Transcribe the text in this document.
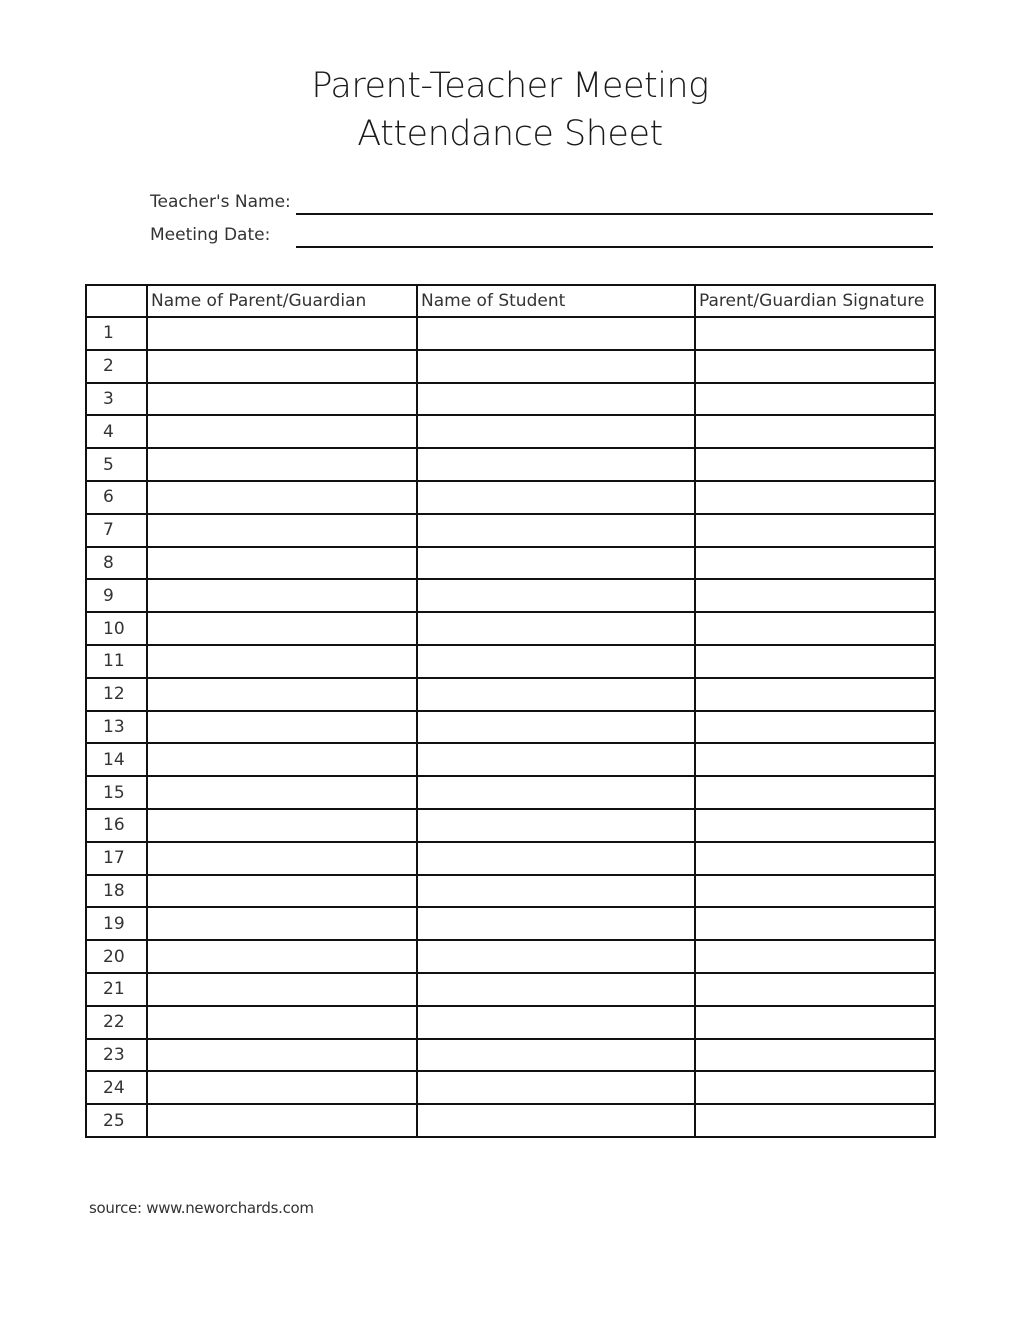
Parent-Teacher Meeting
Attendance Sheet
Teacher's Name:
Meeting Date:
	Name of Parent/Guardian	Name of Student	Parent/Guardian Signature
1			
2			
3			
4			
5			
6			
7			
8			
9			
10			
11			
12			
13			
14			
15			
16			
17			
18			
19			
20			
21			
22			
23			
24			
25			
source: www.neworchards.com
